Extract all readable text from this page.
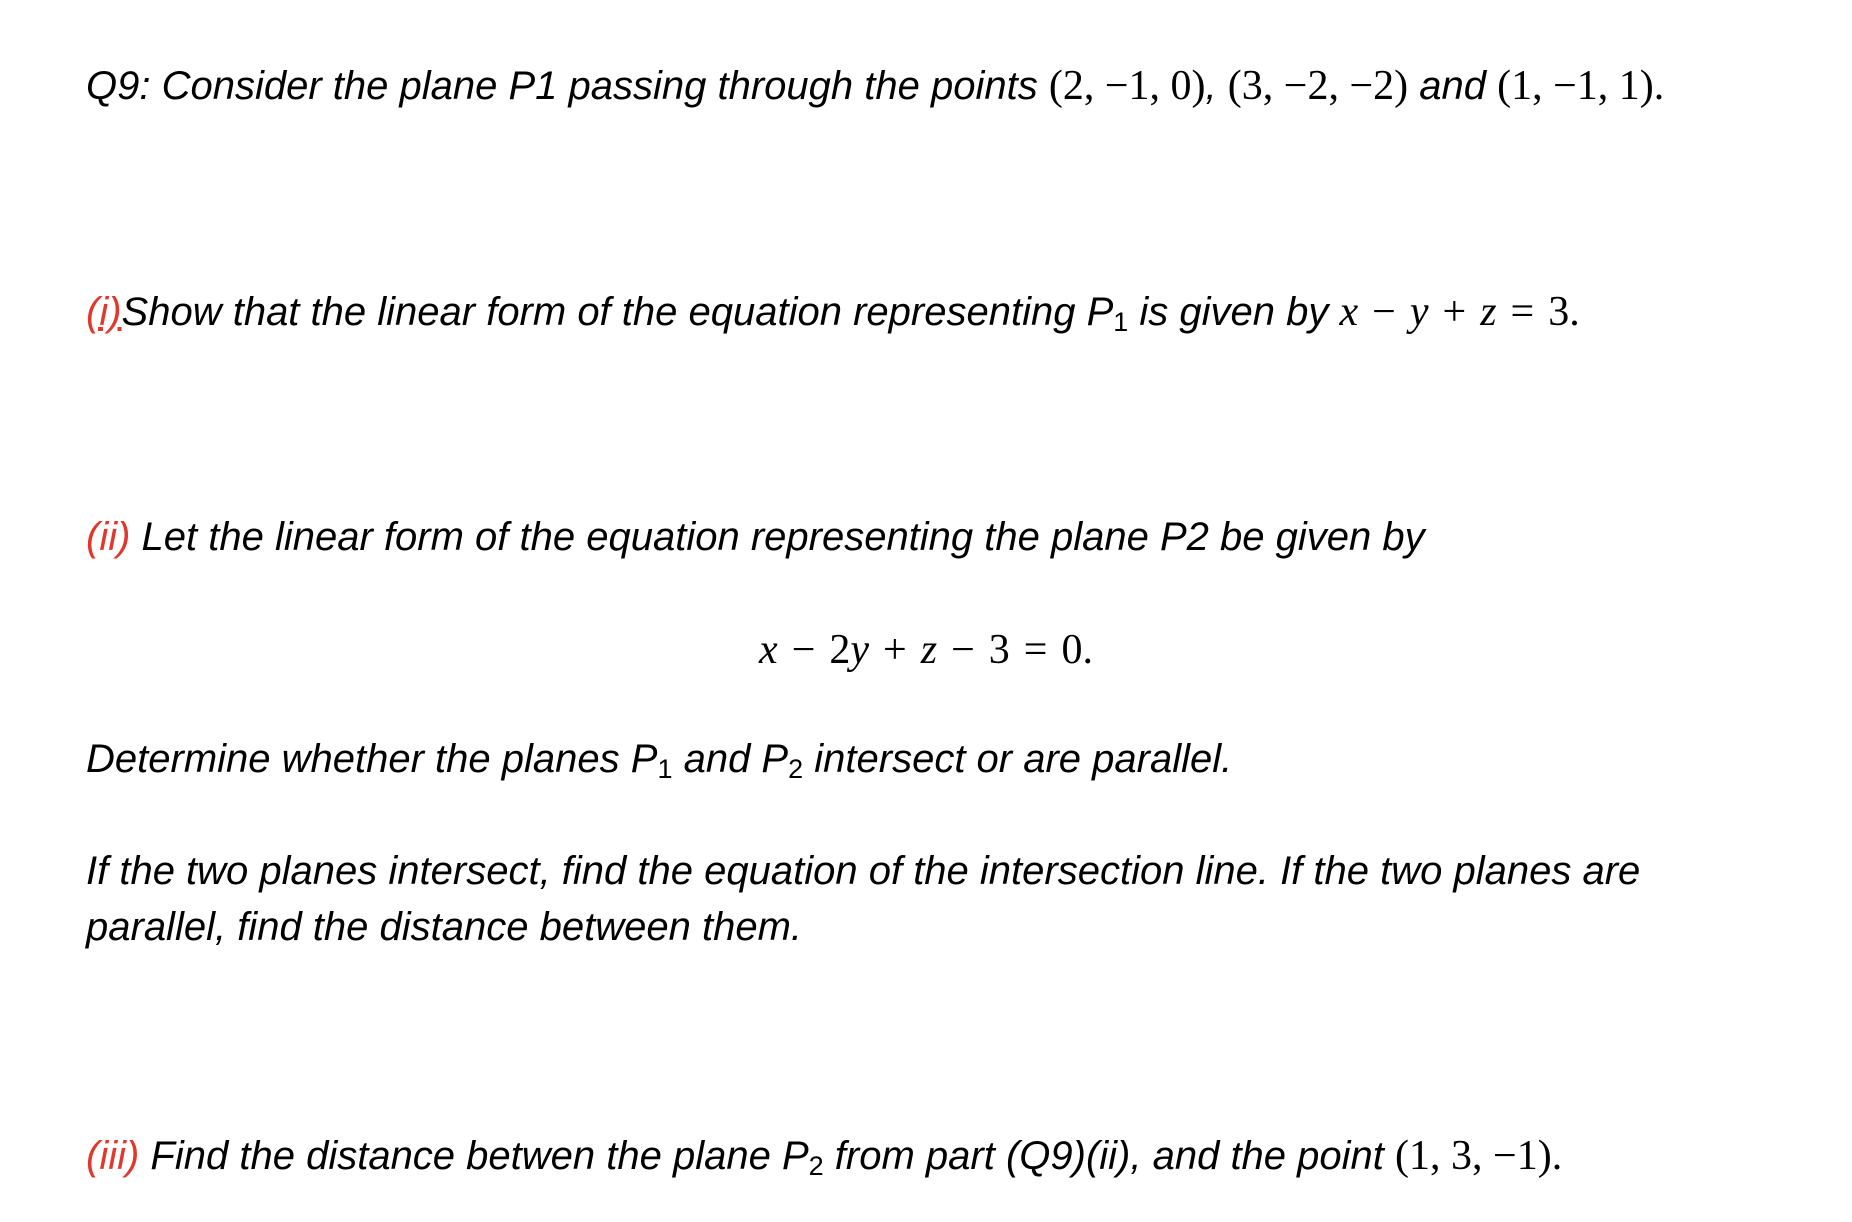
Q9: Consider the plane P1 passing through the points (2, −1, 0), (3, −2, −2) and (1, −1, 1).
(i)Show that the linear form of the equation representing P1 is given by x − y + z = 3.
(ii) Let the linear form of the equation representing the plane P2 be given by
x − 2y + z − 3 = 0.
Determine whether the planes P1 and P2 intersect or are parallel.
If the two planes intersect, find the equation of the intersection line. If the two planes are
parallel, find the distance between them.
(iii) Find the distance betwen the plane P2 from part (Q9)(ii), and the point (1, 3, −1).
